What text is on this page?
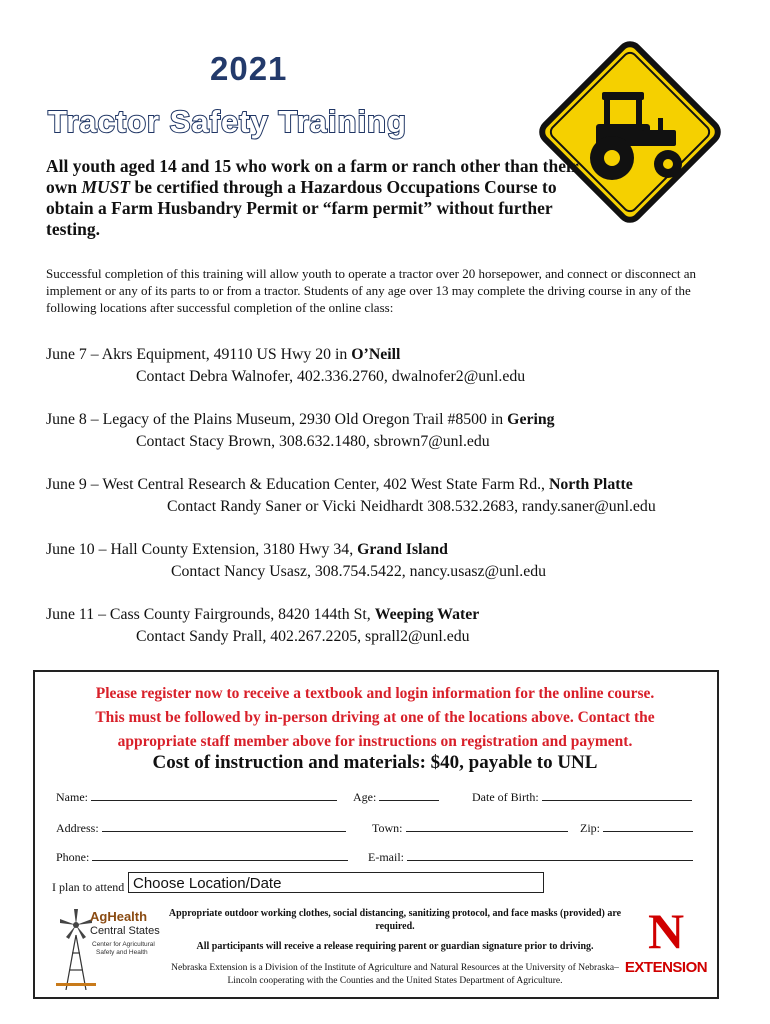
2021
Tractor Safety Training
All youth aged 14 and 15 who work on a farm or ranch other than their own MUST be certified through a Hazardous Occupations Course to obtain a Farm Husbandry Permit or “farm permit” without further testing.
Successful completion of this training will allow youth to operate a tractor over 20 horsepower, and connect or disconnect an implement or any of its parts to or from a tractor. Students of any age over 13 may complete the driving course in any of the following locations after successful completion of the online class:
June 7 – Akrs Equipment, 49110 US Hwy 20 in O’Neill
Contact Debra Walnofer, 402.336.2760, dwalnofer2@unl.edu
June 8 – Legacy of the Plains Museum, 2930 Old Oregon Trail #8500 in Gering
Contact Stacy Brown, 308.632.1480, sbrown7@unl.edu
June 9 – West Central Research & Education Center, 402 West State Farm Rd., North Platte
Contact Randy Saner or Vicki Neidhardt 308.532.2683, randy.saner@unl.edu
June 10 – Hall County Extension, 3180 Hwy 34, Grand Island
Contact Nancy Usasz, 308.754.5422, nancy.usasz@unl.edu
June 11 – Cass County Fairgrounds, 8420 144th St, Weeping Water
Contact Sandy Prall, 402.267.2205, sprall2@unl.edu
Please register now to receive a textbook and login information for the online course.
This must be followed by in-person driving at one of the locations above. Contact the
appropriate staff member above for instructions on registration and payment.
Cost of instruction and materials: $40, payable to UNL
Name:	Age:	Date of Birth:
Address:	Town:	Zip:
Phone:	E-mail:
I plan to attend Choose Location/Date
AgHealth
Central States
Center for Agricultural
Safety and Health
Appropriate outdoor working clothes, social distancing, sanitizing protocol, and face masks (provided) are required.
All participants will receive a release requiring parent or guardian signature prior to driving.
Nebraska Extension is a Division of the Institute of Agriculture and Natural Resources at the University of Nebraska–Lincoln cooperating with the Counties and the United States Department of Agriculture.
N
EXTENSION
